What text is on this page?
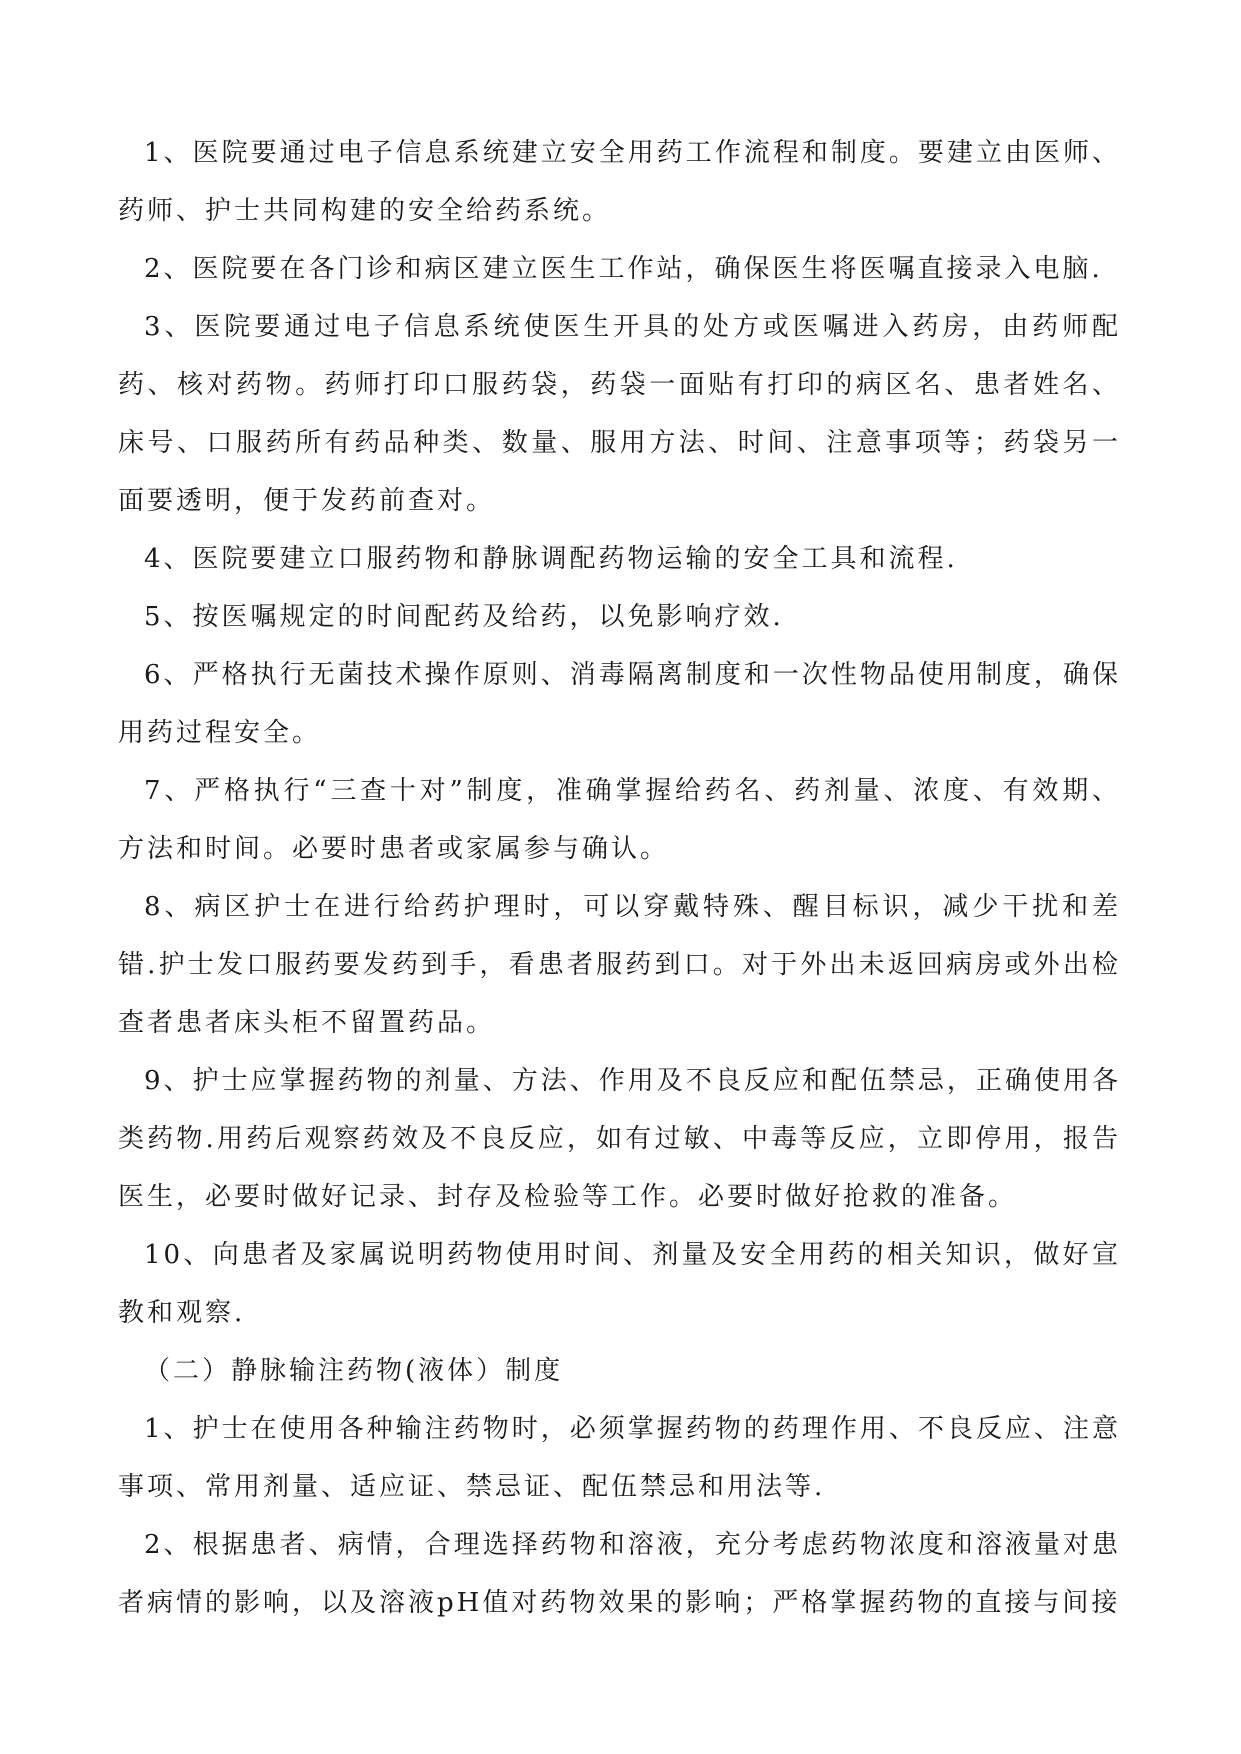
1、医院要通过电子信息系统建立安全用药工作流程和制度。要建立由医师、药师、护士共同构建的安全给药系统。

2、医院要在各门诊和病区建立医生工作站，确保医生将医嘱直接录入电脑.

3、医院要通过电子信息系统使医生开具的处方或医嘱进入药房，由药师配药、核对药物。药师打印口服药袋，药袋一面贴有打印的病区名、患者姓名、床号、口服药所有药品种类、数量、服用方法、时间、注意事项等；药袋另一面要透明，便于发药前查对。

4、医院要建立口服药物和静脉调配药物运输的安全工具和流程.

5、按医嘱规定的时间配药及给药，以免影响疗效.

6、严格执行无菌技术操作原则、消毒隔离制度和一次性物品使用制度，确保用药过程安全。

7、严格执行“三查十对”制度，准确掌握给药名、药剂量、浓度、有效期、方法和时间。必要时患者或家属参与确认。

8、病区护士在进行给药护理时，可以穿戴特殊、醒目标识，减少干扰和差错.护士发口服药要发药到手，看患者服药到口。对于外出未返回病房或外出检查者患者床头柜不留置药品。

9、护士应掌握药物的剂量、方法、作用及不良反应和配伍禁忌，正确使用各类药物.用药后观察药效及不良反应，如有过敏、中毒等反应，立即停用，报告医生，必要时做好记录、封存及检验等工作。必要时做好抢救的准备。

10、向患者及家属说明药物使用时间、剂量及安全用药的相关知识，做好宣教和观察.

（二）静脉输注药物(液体）制度

1、护士在使用各种输注药物时，必须掌握药物的药理作用、不良反应、注意事项、常用剂量、适应证、禁忌证、配伍禁忌和用法等.

2、根据患者、病情，合理选择药物和溶液，充分考虑药物浓度和溶液量对患者病情的影响，以及溶液pH值对药物效果的影响；严格掌握药物的直接与间接
